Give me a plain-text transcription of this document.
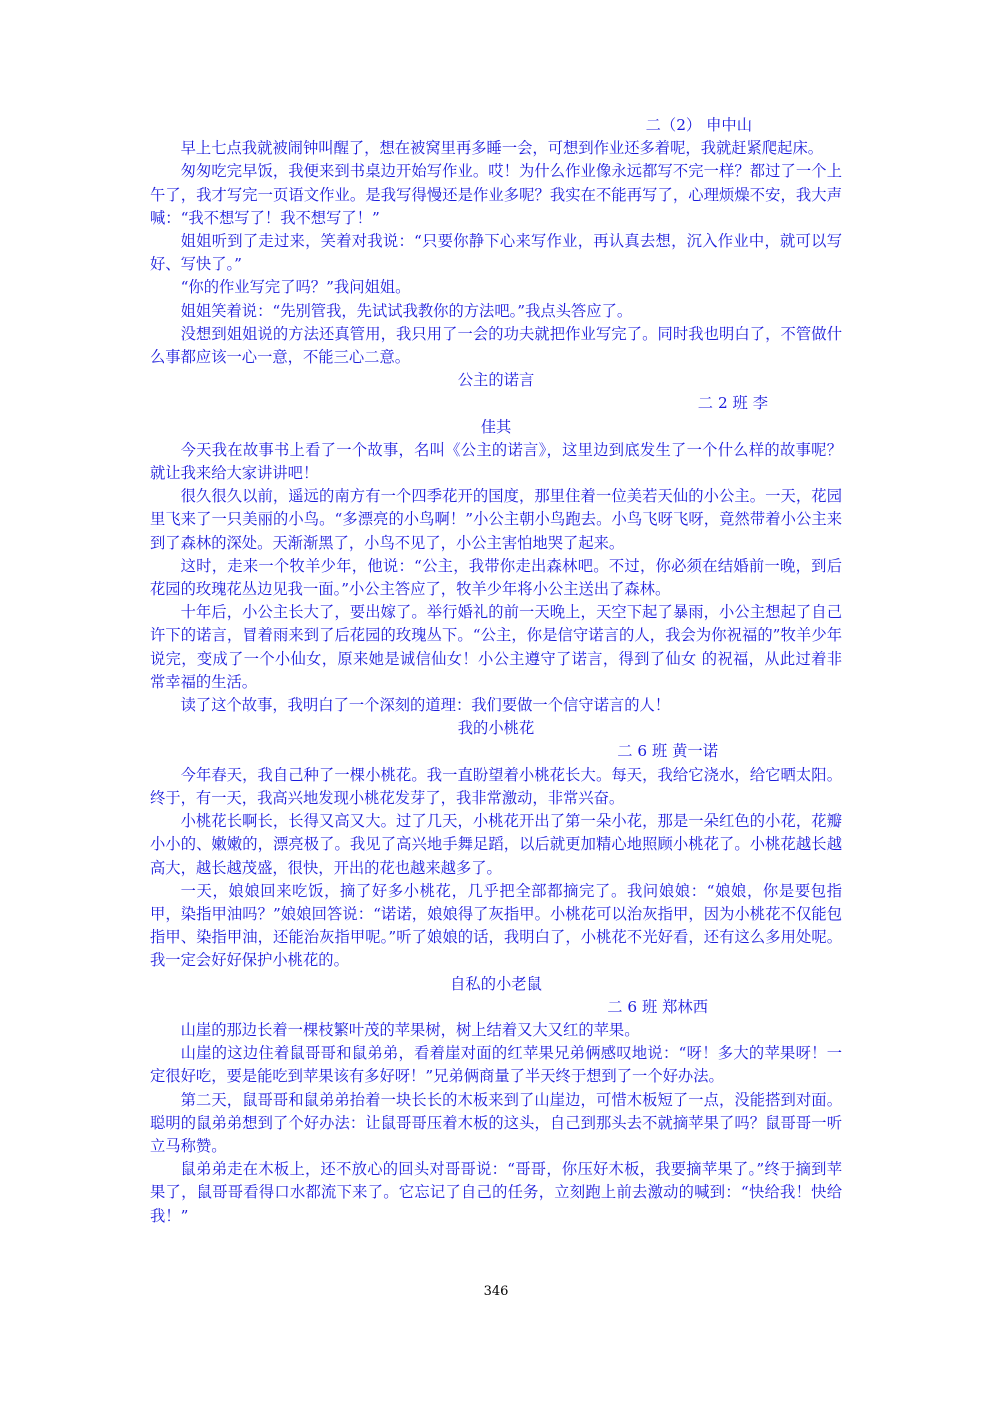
二（2） 申中山

早上七点我就被闹钟叫醒了，想在被窝里再多睡一会，可想到作业还多着呢，我就赶紧爬起床。

匆匆吃完早饭，我便来到书桌边开始写作业。哎！为什么作业像永远都写不完一样？都过了一个上午了，我才写完一页语文作业。是我写得慢还是作业多呢？我实在不能再写了，心理烦燥不安，我大声喊：“我不想写了！我不想写了！”

姐姐听到了走过来，笑着对我说：“只要你静下心来写作业，再认真去想，沉入作业中，就可以写好、写快了。”

“你的作业写完了吗？”我问姐姐。

姐姐笑着说：“先别管我，先试试我教你的方法吧。”我点头答应了。

没想到姐姐说的方法还真管用，我只用了一会的功夫就把作业写完了。同时我也明白了，不管做什么事都应该一心一意，不能三心二意。

公主的诺言

二 2 班 李

佳其

今天我在故事书上看了一个故事，名叫《公主的诺言》，这里边到底发生了一个什么样的故事呢？就让我来给大家讲讲吧！

很久很久以前，遥远的南方有一个四季花开的国度，那里住着一位美若天仙的小公主。一天，花园里飞来了一只美丽的小鸟。“多漂亮的小鸟啊！”小公主朝小鸟跑去。小鸟飞呀飞呀，竟然带着小公主来到了森林的深处。天渐渐黑了，小鸟不见了，小公主害怕地哭了起来。

这时，走来一个牧羊少年，他说：“公主，我带你走出森林吧。不过，你必须在结婚前一晚，到后花园的玫瑰花丛边见我一面。”小公主答应了，牧羊少年将小公主送出了森林。

十年后，小公主长大了，要出嫁了。举行婚礼的前一天晚上，天空下起了暴雨，小公主想起了自己许下的诺言，冒着雨来到了后花园的玫瑰丛下。“公主，你是信守诺言的人，我会为你祝福的”牧羊少年说完，变成了一个小仙女，原来她是诚信仙女！小公主遵守了诺言，得到了仙女 的祝福，从此过着非常幸福的生活。

读了这个故事，我明白了一个深刻的道理：我们要做一个信守诺言的人！

我的小桃花

二 6 班 黄一诺

今年春天，我自己种了一棵小桃花。我一直盼望着小桃花长大。每天，我给它浇水，给它晒太阳。终于，有一天，我高兴地发现小桃花发芽了，我非常激动，非常兴奋。

小桃花长啊长，长得又高又大。过了几天，小桃花开出了第一朵小花，那是一朵红色的小花，花瓣小小的、嫩嫩的，漂亮极了。我见了高兴地手舞足蹈，以后就更加精心地照顾小桃花了。小桃花越长越高大，越长越茂盛，很快，开出的花也越来越多了。

一天，娘娘回来吃饭，摘了好多小桃花，几乎把全部都摘完了。我问娘娘：“娘娘，你是要包指甲，染指甲油吗？”娘娘回答说：“诺诺，娘娘得了灰指甲。小桃花可以治灰指甲，因为小桃花不仅能包指甲、染指甲油，还能治灰指甲呢。”听了娘娘的话，我明白了，小桃花不光好看，还有这么多用处呢。我一定会好好保护小桃花的。

自私的小老鼠

二 6 班 郑林西

山崖的那边长着一棵枝繁叶茂的苹果树，树上结着又大又红的苹果。

山崖的这边住着鼠哥哥和鼠弟弟，看着崖对面的红苹果兄弟俩感叹地说：“呀！多大的苹果呀！一定很好吃，要是能吃到苹果该有多好呀！”兄弟俩商量了半天终于想到了一个好办法。

第二天，鼠哥哥和鼠弟弟抬着一块长长的木板来到了山崖边，可惜木板短了一点，没能搭到对面。聪明的鼠弟弟想到了个好办法：让鼠哥哥压着木板的这头，自己到那头去不就摘苹果了吗？鼠哥哥一听立马称赞。

鼠弟弟走在木板上，还不放心的回头对哥哥说：“哥哥，你压好木板，我要摘苹果了。”终于摘到苹果了，鼠哥哥看得口水都流下来了。它忘记了自己的任务，立刻跑上前去激动的喊到：“快给我！快给我！”

346
